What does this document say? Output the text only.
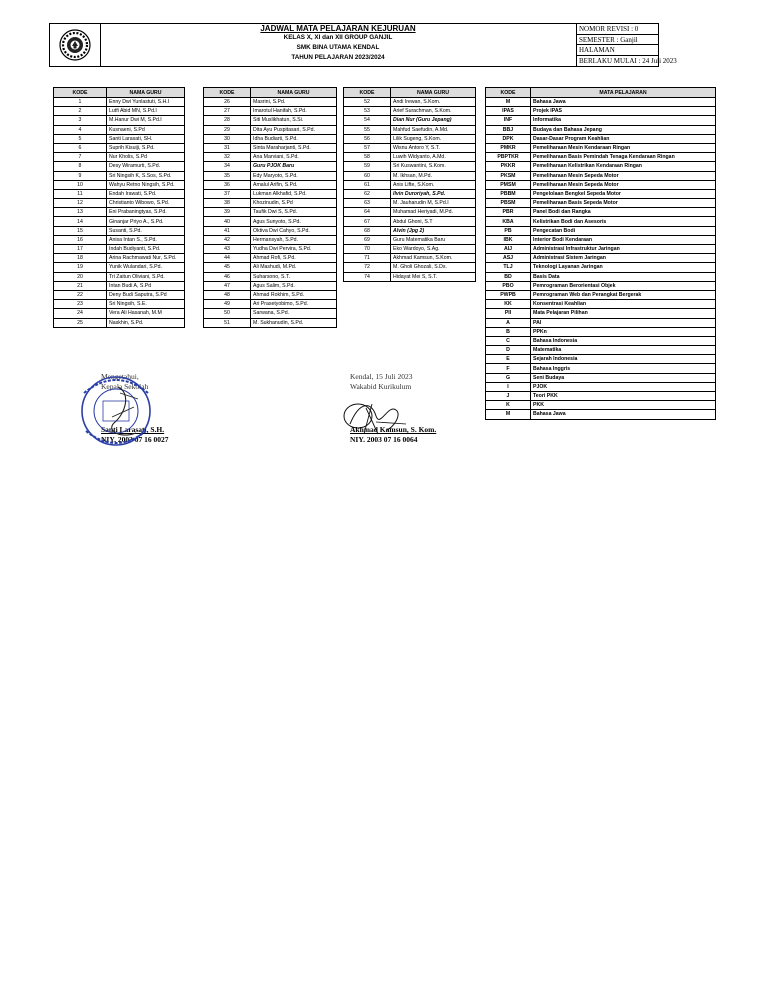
JADWAL MATA PELAJARAN KEJURUAN
KELAS X, XI dan XII GROUP GANJIL
SMK BINA UTAMA KENDAL
TAHUN PELAJARAN 2023/2024
NOMOR REVISI : 0
SEMESTER : Ganjil
HALAMAN
BERLAKU MULAI : 24 Juli 2023
KODE	NAMA GURU
1	Enny Dwi Yunlastuti, S.H.I
2	Lutfi Abid MN, S.Pd.I
3	M.Hanur Dwi M, S.Pd.I
4	Kusnaeni, S.Pd
5	Santi Larasati, SH.
6	Suprih Kisuiji, S.Pd.
7	Nur Kholis, S.Pd
8	Desy Wiramurti, S.Pd.
9	Sri Ningsih K, S.Sos, S.Pd.
10	Wahyu Retno Ningsih, S.Pd.
11	Endah Irawati, S.Pd.
12	Christianto Wibowo, S.Pd.
13	Eni Prabaningtyas, S.Pd.
14	Ginanjar Priyo A., S.Pd.
15	Susanti, S.Pd.
16	Anisa Intan S., S.Pd.
17	Indah Budiyanti, S.Pd.
18	Arina Rachmawati Nur, S.Pd.
19	Yunik Wulandari, S.Pd.
20	Tri Zaitun Oliviani, S.Pd.
21	Intan Budi A, S.Pd
22	Deny Budi Saputra, S.Pd
23	Sri Ningsih, S.E.
24	Vera Ali Hasanah, M.M
25	Naskhin, S.Pd.
KODE	NAMA GURU
26	Masrini, S.Pd.
27	Imarotul Hanifah, S.Pd.
28	Siti Muslikhatun, S.Si.
29	Dita Ayu Puspitasari, S.Pd.
30	Idha Budiarti, S.Pd.
31	Sinta Maraharjanti, S.Pd.
32	Ana Marviani, S.Pd.
34	Guru PJOK Baru
35	Edy Maryoto, S.Pd.
36	Amalul Arifin, S.Pd.
37	Lukman Alkhafid, S.Pd.
38	Khozinudin, S.Pd
39	Taufik Dwi S, S.Pd.
40	Agus Sunyoto, S.Pd.
41	Oktiva Dwi Cahyo, S.Pd.
42	Hermansyah, S.Pd.
43	Yudha Dwi Pervira, S.Pd.
44	Ahmad Rofi, S.Pd.
45	Ali Mashudi, M.Pd.
46	Suharsono, S.T.
47	Agus Salim, S.Pd.
48	Ahmad Rokhim, S.Pd.
49	Ari Prasetyobimo, S.Pd.
50	Sarwana, S.Pd.
51	M. Sukhanudin, S.Pd.
KODE	NAMA GURU
52	Andi Irewan, S.Kom.
53	Arief Surachman, S.Kom.
54	Dian Nur (Guru Jepang)
55	Mahfud Saefudin, A.Md.
56	Lilik Sugeng, S.Kom.
57	Wisnu Antoro Y, S.T.
58	Luwih Widyanto, A.Md.
59	Sri Kuswantini, S.Kom.
60	M. Ikhsan, M.Pd.
61	Anis Lifte, S.Kom.
62	Ilvin Duroriyah, S.Pd.
63	M. Jauharudin M, S.Pd.I
64	Muhamad Heriyadi, M.Pd.
67	Abdul Ghoni, S.T
68	Alvin (Jpg 2)
69	Guru Matematika Baru
70	Eko Wardoyo, S.Ag.
71	Akhmad Kamsun, S.Kom.
72	M. Gholi Ghozali, S.Ds.
74	Hidayat Mei S, S.T.
KODE	MATA PELAJARAN
M	Bahasa Jawa
IPAS	Projek IPAS
INF	Informatika
BBJ	Budaya dan Bahasa Jepang
DPK	Dasar-Dasar Program Keahlian
PMKR	Pemeliharaan Mesin Kendaraan Ringan
PBPTKR	Pemeliharaan Basis Pemindah Tenaga Kendaraan Ringan
PKKR	Pemeliharaan Kelistrikan Kendaraan Ringan
PKSM	Pemeliharaan Mesin Sepeda Motor
PMSM	Pemeliharaan Mesin Sepeda Motor
PBBM	Pengelolaan Bengkel Sepeda Motor
PBSM	Pemeliharaan Basis Sepeda Motor
PBR	Panel Bodi dan Rangka
KBA	Kelistrikan Bodi dan Asesoris
PB	Pengecatan Bodi
IBK	Interior Bodi Kendaraan
AIJ	Administrasi Infrastruktur Jaringan
ASJ	Administrasi Sistem Jaringan
TLJ	Teknologi Layanan Jaringan
BD	Basis Data
PBO	Pemrograman Berorientasi Objek
PWPB	Pemrograman Web dan Perangkat Bergerak
KK	Konsentrasi Keahlian
PII	Mata Pelajaran Pilihan
A	PAI
B	PPKn
C	Bahasa Indonesia
D	Matematika
E	Sejarah Indonesia
F	Bahasa Inggris
G	Seni Budaya
I	PJOK
J	Teori PKK
K	PKK
M	Bahasa Jawa
Mengetahui,
Kepala Sekolah
Santi Larasati, S.H.
NIY. 2003 07 16 0027
Kendal, 15 Juli 2023
Wakabid Kurikulum
Akhmad Kamsun, S. Kom.
NIY. 2003 07 16 0064
